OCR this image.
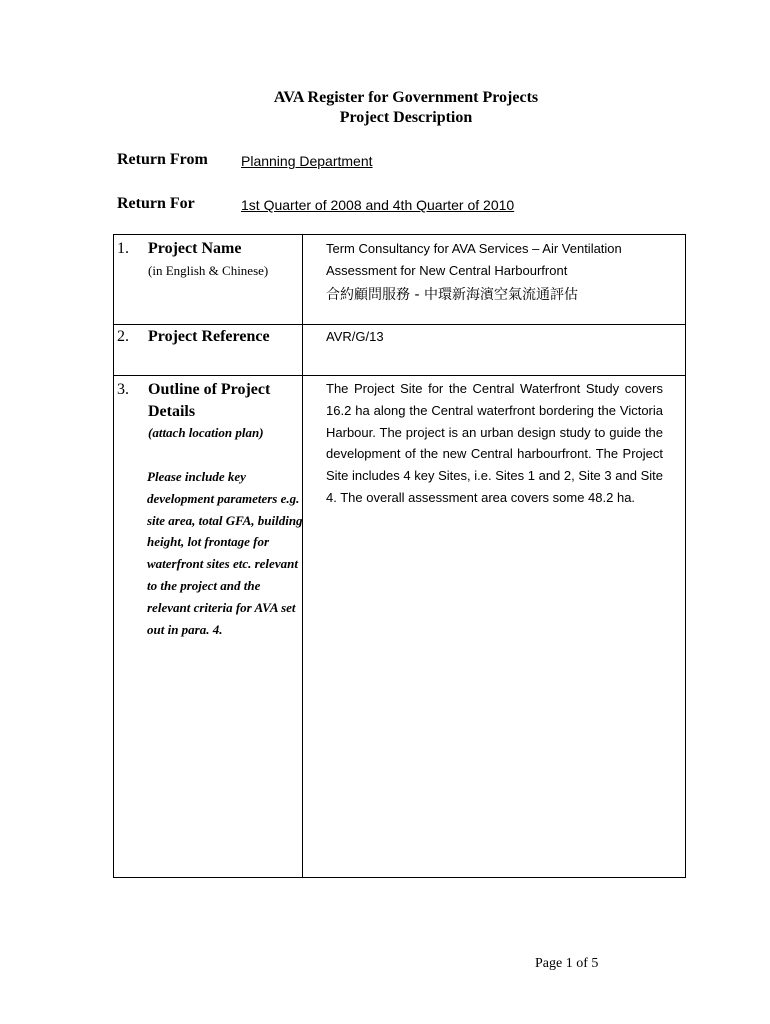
AVA Register for Government Projects
Project Description
Return From Planning Department
Return For	1st Quarter of 2008 and 4th Quarter of 2010
1. Project Name
(in English & Chinese)
Term Consultancy for AVA Services – Air Ventilation
Assessment for New Central Harbourfront
合約顧問服務 - 中環新海濱空氣流通評估
2. Project Reference	AVR/G/13
3. Outline of Project
Details
(attach location plan)
Please include key development parameters e.g. site area, total GFA, building height, lot frontage for waterfront sites etc. relevant to the project and the relevant criteria for AVA set out in para. 4.
The Project Site for the Central Waterfront Study covers 16.2 ha along the Central waterfront bordering the Victoria Harbour. The project is an urban design study to guide the development of the new Central harbourfront. The Project Site includes 4 key Sites, i.e. Sites 1 and 2, Site 3 and Site 4. The overall assessment area covers some 48.2 ha.
Page 1 of 5
